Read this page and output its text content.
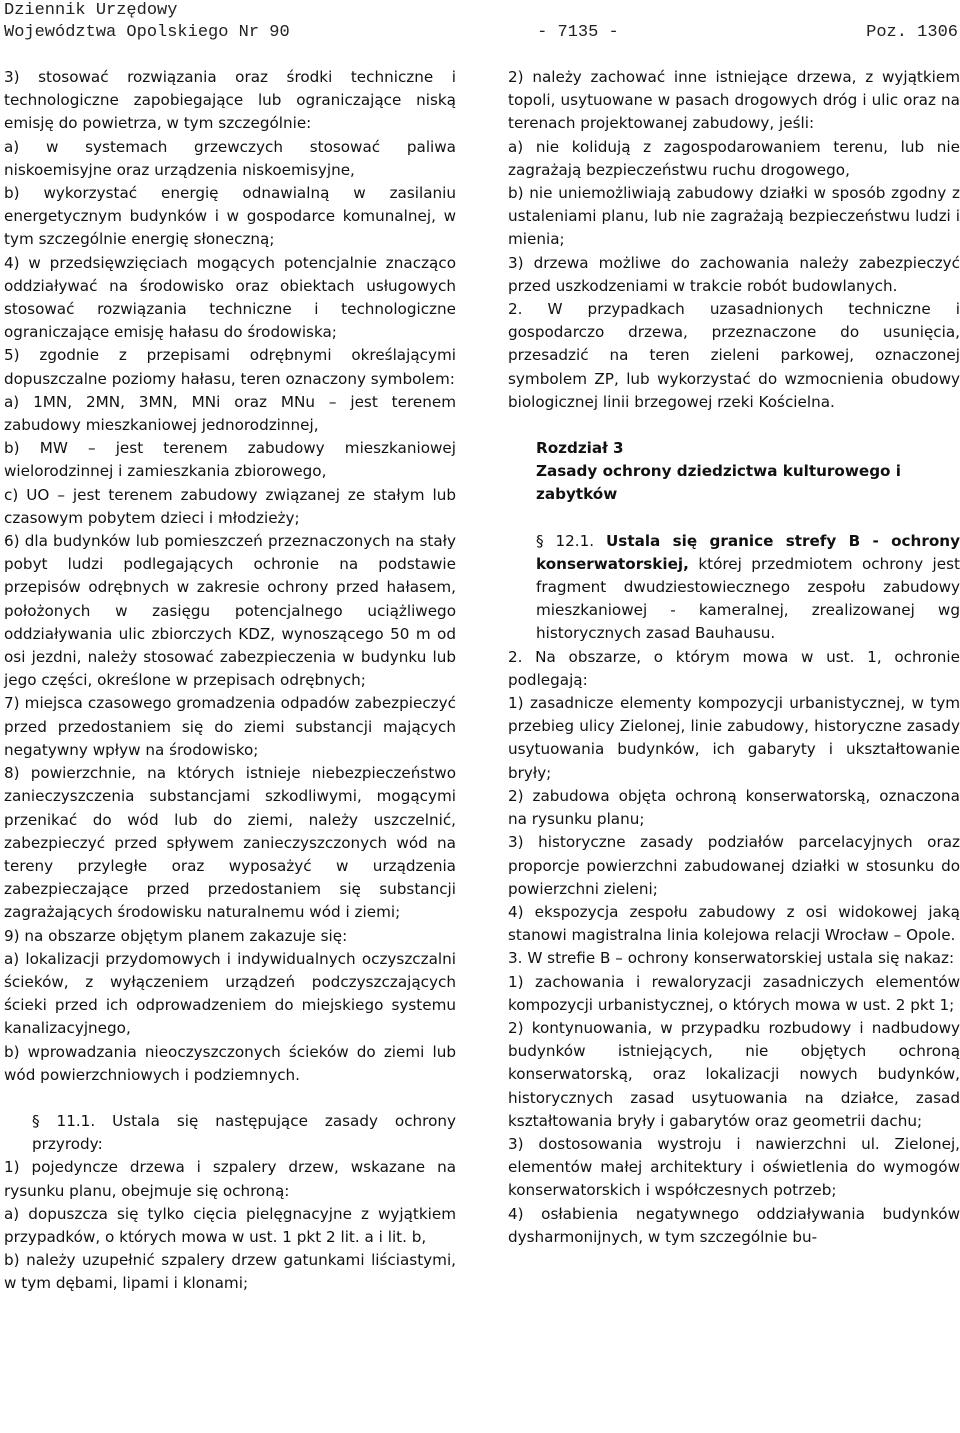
Dziennik Urzędowy
Województwa Opolskiego Nr 90	- 7135 -	Poz. 1306

3) stosować rozwiązania oraz środki techniczne i technologiczne zapobiegające lub ograniczające niską emisję do powietrza, w tym szczególnie:

a) w systemach grzewczych stosować paliwa niskoemisyjne oraz urządzenia niskoemisyjne,

b) wykorzystać energię odnawialną w zasilaniu energetycznym budynków i w gospodarce komunalnej, w tym szczególnie energię słoneczną;

4) w przedsięwzięciach mogących potencjalnie znacząco oddziaływać na środowisko oraz obiektach usługowych stosować rozwiązania techniczne i technologiczne ograniczające emisję hałasu do środowiska;

5) zgodnie z przepisami odrębnymi określającymi dopuszczalne poziomy hałasu, teren oznaczony symbolem:

a) 1MN, 2MN, 3MN, MNi oraz MNu – jest terenem zabudowy mieszkaniowej jednorodzinnej,

b) MW – jest terenem zabudowy mieszkaniowej wielorodzinnej i zamieszkania zbiorowego,

c) UO – jest terenem zabudowy związanej ze stałym lub czasowym pobytem dzieci i młodzieży;

6) dla budynków lub pomieszczeń przeznaczonych na stały pobyt ludzi podlegających ochronie na podstawie przepisów odrębnych w zakresie ochrony przed hałasem, położonych w zasięgu potencjalnego uciążliwego oddziaływania ulic zbiorczych KDZ, wynoszącego 50 m od osi jezdni, należy stosować zabezpieczenia w budynku lub jego części, określone w przepisach odrębnych;

7) miejsca czasowego gromadzenia odpadów zabezpieczyć przed przedostaniem się do ziemi substancji mających negatywny wpływ na środowisko;

8) powierzchnie, na których istnieje niebezpieczeństwo zanieczyszczenia substancjami szkodliwymi, mogącymi przenikać do wód lub do ziemi, należy uszczelnić, zabezpieczyć przed spływem zanieczyszczonych wód na tereny przyległe oraz wyposażyć w urządzenia zabezpieczające przed przedostaniem się substancji zagrażających środowisku naturalnemu wód i ziemi;

9) na obszarze objętym planem zakazuje się:

a) lokalizacji przydomowych i indywidualnych oczyszczalni ścieków, z wyłączeniem urządzeń podczyszczających ścieki przed ich odprowadzeniem do miejskiego systemu kanalizacyjnego,

b) wprowadzania nieoczyszczonych ścieków do ziemi lub wód powierzchniowych i podziemnych.

§ 11.1. Ustala się następujące zasady ochrony przyrody:

1) pojedyncze drzewa i szpalery drzew, wskazane na rysunku planu, obejmuje się ochroną:

a) dopuszcza się tylko cięcia pielęgnacyjne z wyjątkiem przypadków, o których mowa w ust. 1 pkt 2 lit. a i lit. b,

b) należy uzupełnić szpalery drzew gatunkami liściastymi, w tym dębami, lipami i klonami;

2) należy zachować inne istniejące drzewa, z wyjątkiem topoli, usytuowane w pasach drogowych dróg i ulic oraz na terenach projektowanej zabudowy, jeśli:

a) nie kolidują z zagospodarowaniem terenu, lub nie zagrażają bezpieczeństwu ruchu drogowego,

b) nie uniemożliwiają zabudowy działki w sposób zgodny z ustaleniami planu, lub nie zagrażają bezpieczeństwu ludzi i mienia;

3) drzewa możliwe do zachowania należy zabezpieczyć przed uszkodzeniami w trakcie robót budowlanych.

2. W przypadkach uzasadnionych techniczne i gospodarczo drzewa, przeznaczone do usunięcia, przesadzić na teren zieleni parkowej, oznaczonej symbolem ZP, lub wykorzystać do wzmocnienia obudowy biologicznej linii brzegowej rzeki Kościelna.

Rozdział 3

Zasady ochrony dziedzictwa kulturowego i zabytków

§ 12.1. Ustala się granice strefy B - ochrony konserwatorskiej, której przedmiotem ochrony jest fragment dwudziestowiecznego zespołu zabudowy mieszkaniowej - kameralnej, zrealizowanej wg historycznych zasad Bauhausu.

2. Na obszarze, o którym mowa w ust. 1, ochronie podlegają:

1) zasadnicze elementy kompozycji urbanistycznej, w tym przebieg ulicy Zielonej, linie zabudowy, historyczne zasady usytuowania budynków, ich gabaryty i ukształtowanie bryły;

2) zabudowa objęta ochroną konserwatorską, oznaczona na rysunku planu;

3) historyczne zasady podziałów parcelacyjnych oraz proporcje powierzchni zabudowanej działki w stosunku do powierzchni zieleni;

4) ekspozycja zespołu zabudowy z osi widokowej jaką stanowi magistralna linia kolejowa relacji Wrocław – Opole.

3. W strefie B – ochrony konserwatorskiej ustala się nakaz:

1) zachowania i rewaloryzacji zasadniczych elementów kompozycji urbanistycznej, o których mowa w ust. 2 pkt 1;

2) kontynuowania, w przypadku rozbudowy i nadbudowy budynków istniejących, nie objętych ochroną konserwatorską, oraz lokalizacji nowych budynków, historycznych zasad usytuowania na działce, zasad kształtowania bryły i gabarytów oraz geometrii dachu;

3) dostosowania wystroju i nawierzchni ul. Zielonej, elementów małej architektury i oświetlenia do wymogów konserwatorskich i współczesnych potrzeb;

4) osłabienia negatywnego oddziaływania budynków dysharmonijnych, w tym szczególnie bu-
